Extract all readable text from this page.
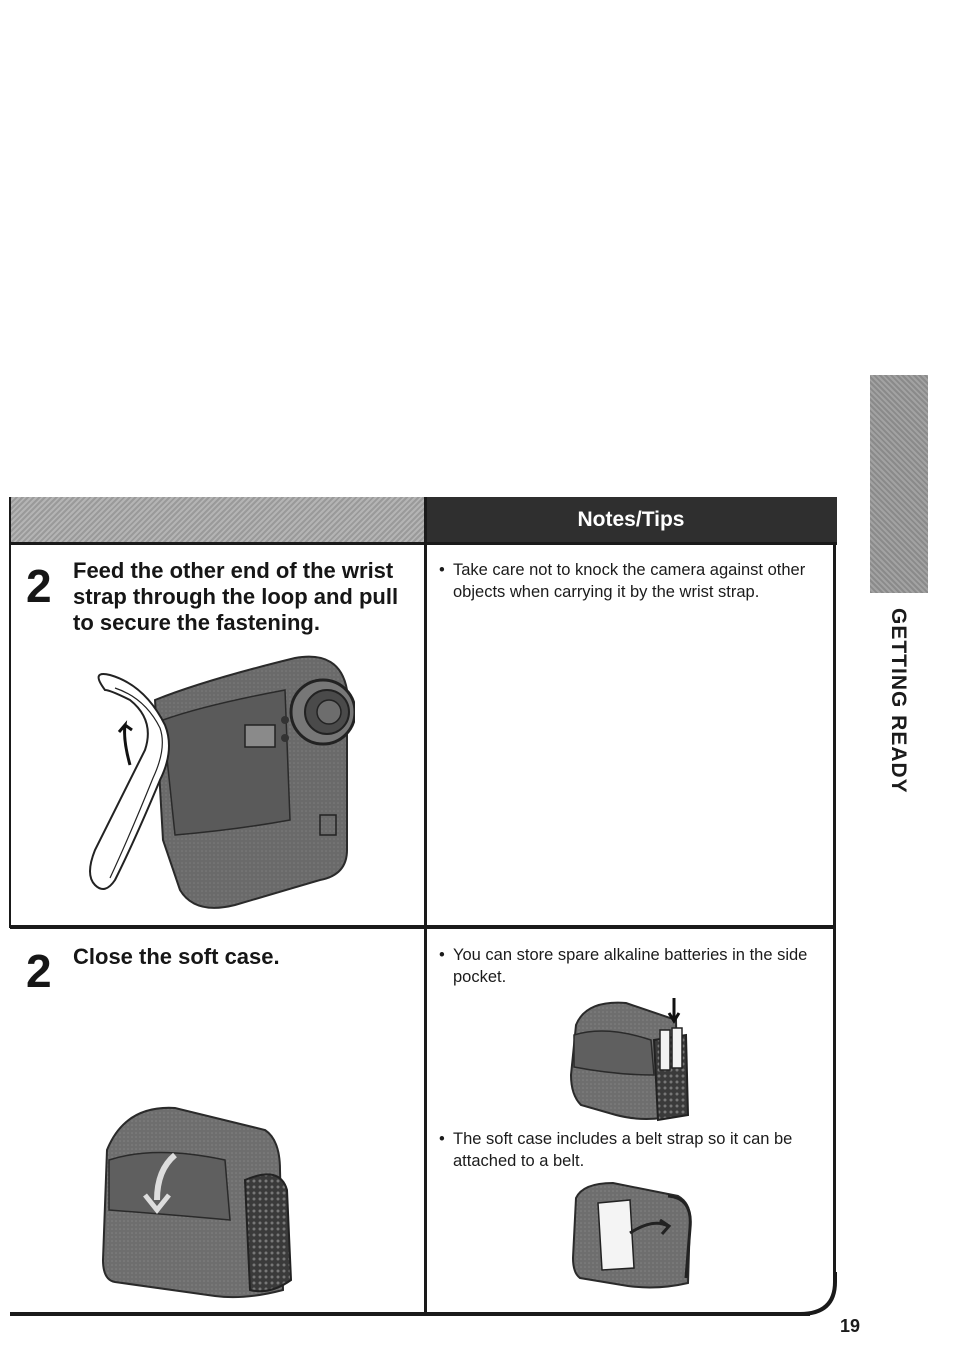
GETTING READY
Notes/Tips
2 Feed the other end of the wrist strap through the loop and pull to secure the fastening.
2 Close the soft case.
• Take care not to knock the camera against other objects when carrying it by the wrist strap.
• You can store spare alkaline batteries in the side pocket.
• The soft case includes a belt strap so it can be attached to a belt.
19
